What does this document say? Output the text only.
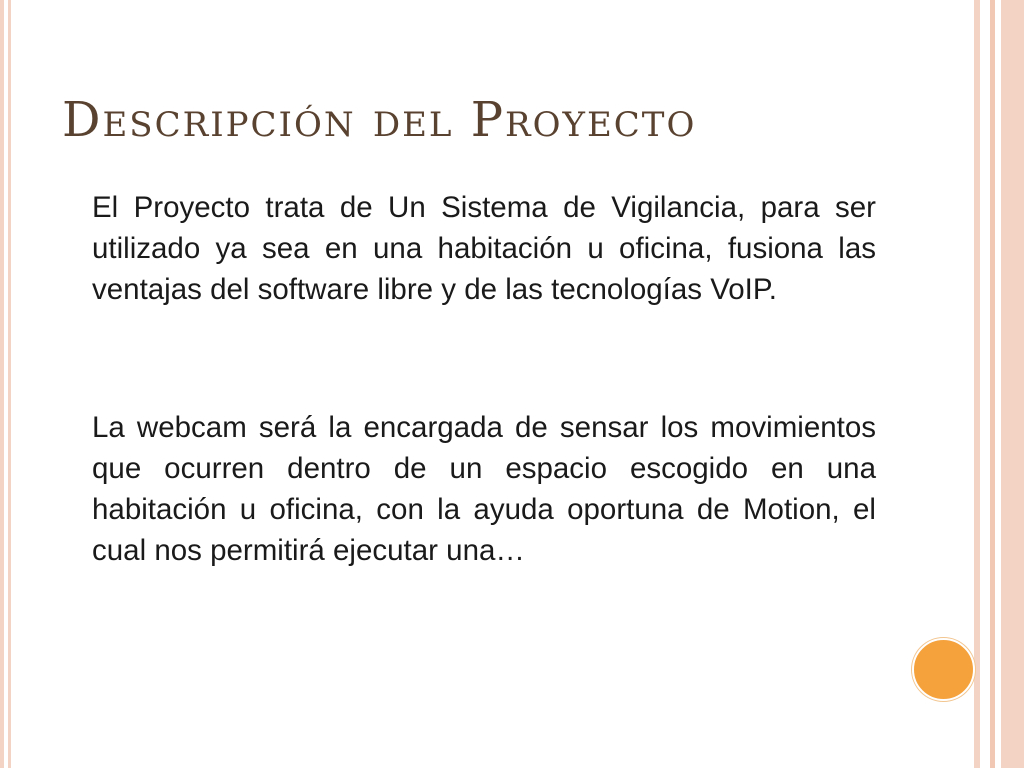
Descripción del Proyecto

El Proyecto trata de Un Sistema de Vigilancia, para ser utilizado ya sea en una habitación u oficina, fusiona las ventajas del software libre y de las tecnologías VoIP.

La webcam será la encargada de sensar los movimientos que ocurren dentro de un espacio escogido en una habitación u oficina, con la ayuda oportuna de Motion, el cual nos permitirá ejecutar una…
